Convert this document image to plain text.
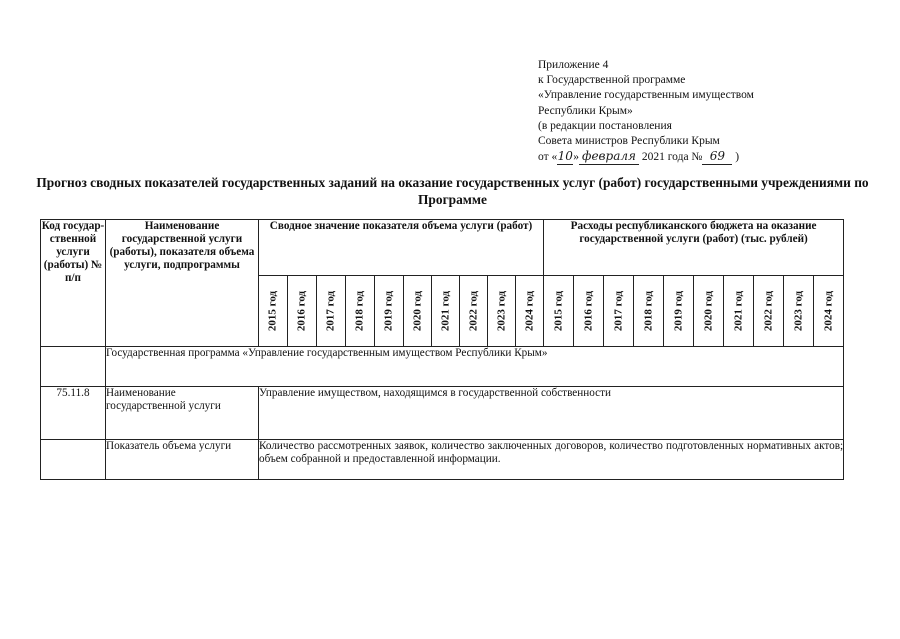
Приложение 4
к Государственной программе
«Управление государственным имуществом
Республики Крым»
(в редакции постановления
Совета министров Республики Крым
от «10» февраля 2021 года № 69 )
Прогноз сводных показателей государственных заданий на оказание государственных услуг (работ) государственными учреждениями по Программе
Код государ-ственной услуги (работы) № п/п	Наименование государственной услуги (работы), показателя объема услуги, подпрограммы	Сводное значение показателя объема услуги (работ)										Расходы республиканского бюджета на оказание государственной услуги (работ) (тыс. рублей)									

		2015 год	2016 год	2017 год	2018 год	2019 год	2020 год	2021 год	2022 год	2023 год	2024 год	2015 год	2016 год	2017 год	2018 год	2019 год	2020 год	2021 год	2022 год	2023 год	2024 год

	Государственная программа «Управление государственным имуществом Республики Крым»																				
75.11.8	Наименование государственной услуги	Управление имуществом, находящимся в государственной собственности																			
	Показатель объема услуги	Количество рассмотренных заявок, количество заключенных договоров, количество подготовленных нормативных актов; объем собранной и предоставленной информации.																			
